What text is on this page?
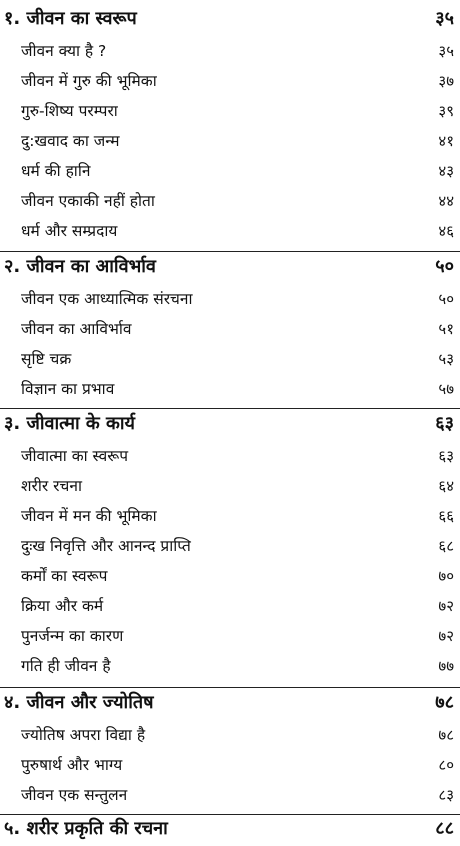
१. जीवन का स्वरूप	३५
जीवन क्या है ?	३५
जीवन में गुरु की भूमिका	३७
गुरु-शिष्य परम्परा	३९
दु:खवाद का जन्म	४१
धर्म की हानि	४३
जीवन एकाकी नहीं होता	४४
धर्म और सम्प्रदाय	४६
२. जीवन का आविर्भाव	५०
जीवन एक आध्यात्मिक संरचना	५०
जीवन का आविर्भाव	५१
सृष्टि चक्र	५३
विज्ञान का प्रभाव	५७
३. जीवात्मा के कार्य	६३
जीवात्मा का स्वरूप	६३
शरीर रचना	६४
जीवन में मन की भूमिका	६६
दुःख निवृत्ति और आनन्द प्राप्ति	६८
कर्मों का स्वरूप	७०
क्रिया और कर्म	७२
पुनर्जन्म का कारण	७२
गति ही जीवन है	७७
४. जीवन और ज्योतिष	७८
ज्योतिष अपरा विद्या है	७८
पुरुषार्थ और भाग्य	८०
जीवन एक सन्तुलन	८३
५. शरीर प्रकृति की रचना	८८
